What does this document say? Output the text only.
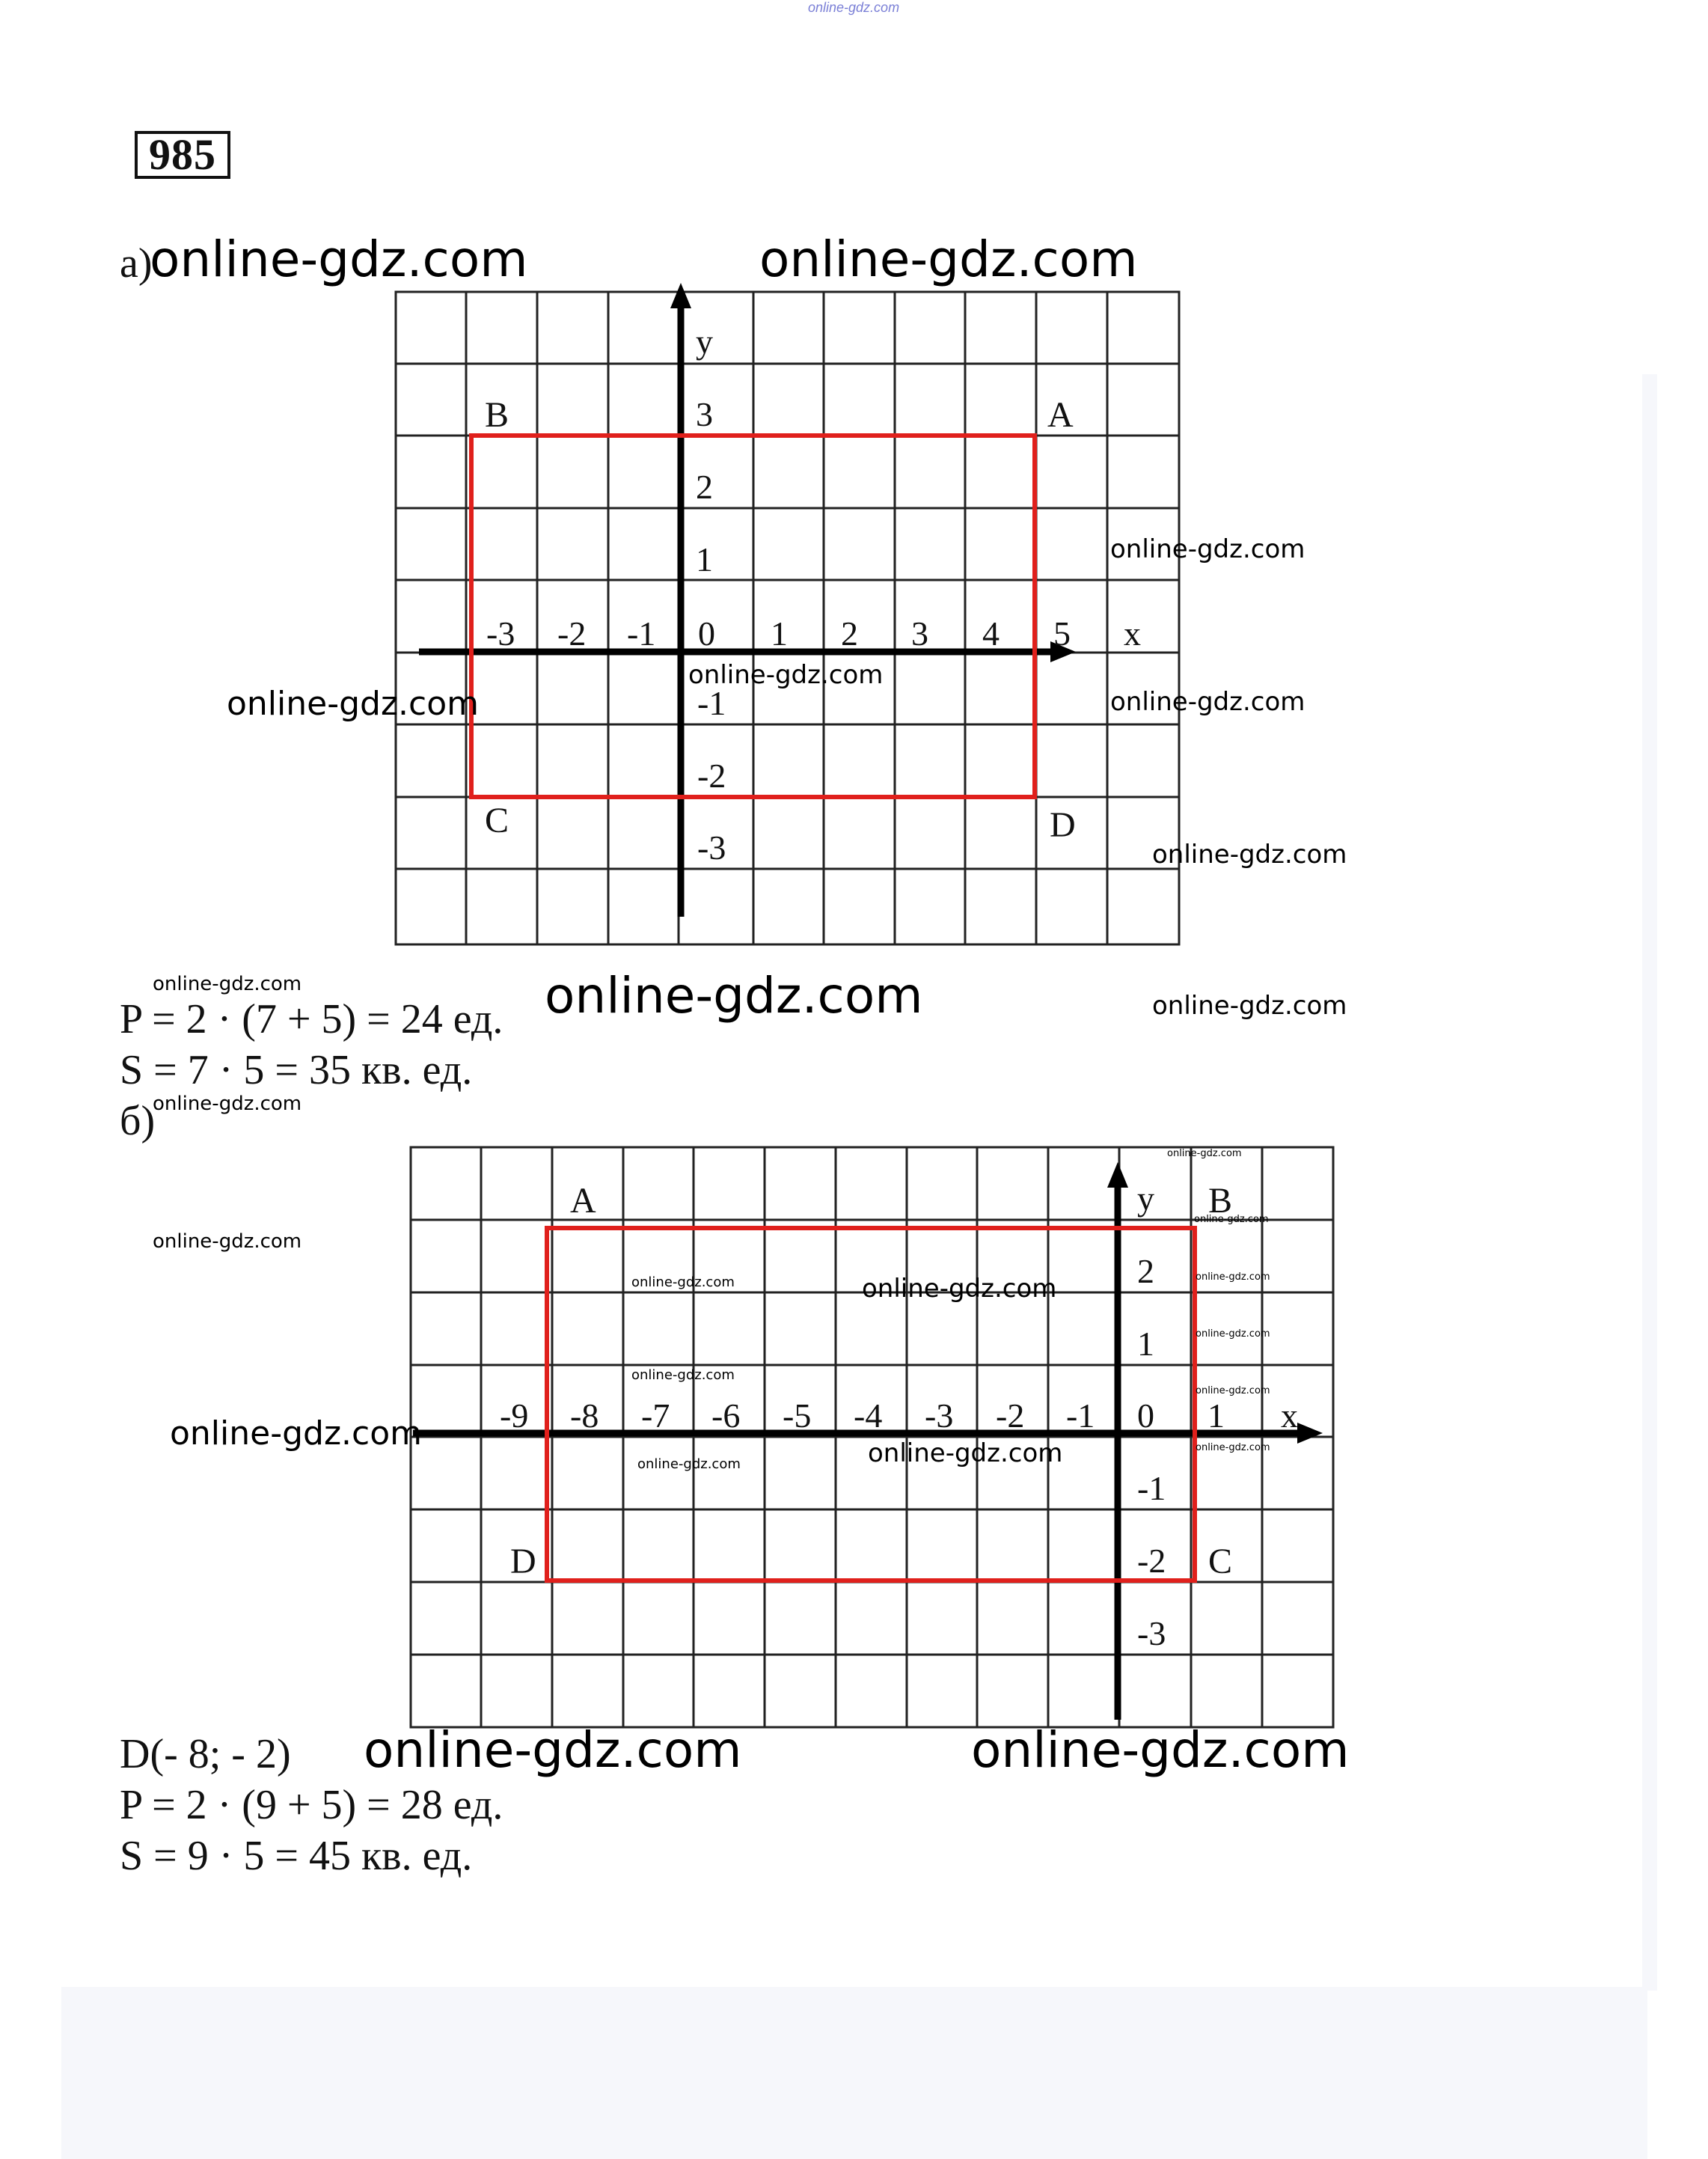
online-gdz.com
985
а)
-3 -2 -1 0 1 2 3 4 5 x
y
3
2
1
-1
-2
-3
B	A
C	D
-9 -8 -7 -6 -5 -4 -3 -2 -1 0 1 x
y
2
1
-1
-2
-3
A	B
C
D
P = 2 · (7 + 5) = 24 ед.
S = 7 · 5 = 35 кв. ед.
б)
D(- 8; - 2)
P = 2 · (9 + 5) = 28 ед.
S = 9 · 5 = 45 кв. ед.
online-gdz.com	online-gdz.com
online-gdz.com
online-gdz.com
online-gdz.com	online-gdz.com
online-gdz.com
online-gdz.com	online-gdz.com	online-gdz.com
online-gdz.com
online-gdz.com
online-gdz.com
online-gdz.com
online-gdz.com	online-gdz.com	online-gdz.com
online-gdz.com
online-gdz.com
online-gdz.com
online-gdz.com	online-gdz.com
online-gdz.com
online-gdz.com
online-gdz.com	online-gdz.com
